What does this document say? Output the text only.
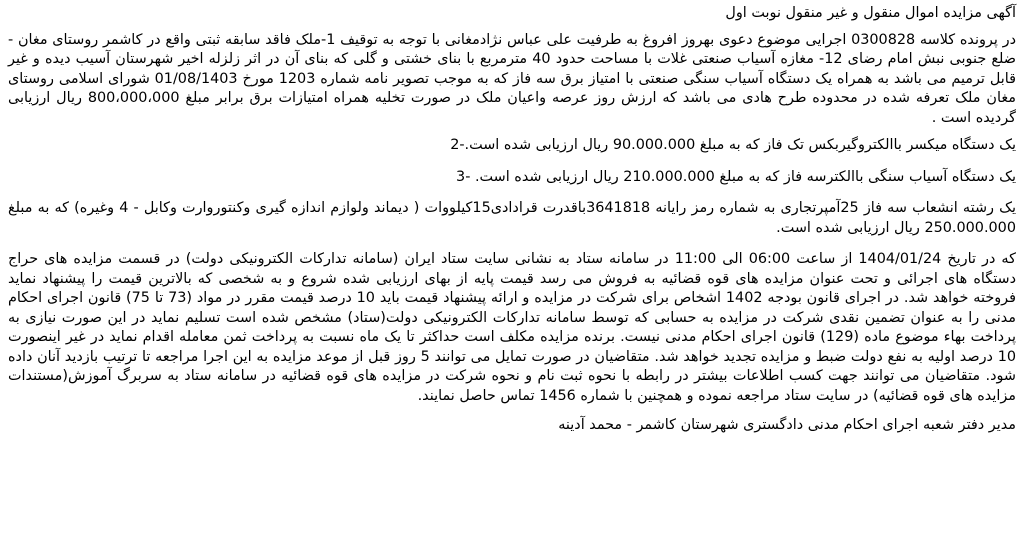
آگهی مزایده اموال منقول و غیر منقول نوبت اول

در پرونده کلاسه 0300828 اجرایی موضوع دعوی بهروز افروغ به طرفیت علی عباس نژادمغانی با توجه به توقیف 1-ملک فاقد سابقه ثبتی واقع در کاشمر روستای مغان - ضلع جنوبی نبش امام رضای 12- مغازه آسیاب صنعتی غلات با مساحت حدود 40 مترمربع با بنای خشتی و گلی که بنای آن در اثر زلزله اخیر شهرستان آسیب دیده و غیر قابل ترمیم می باشد به همراه یک دستگاه آسیاب سنگی صنعتی با امتیاز برق سه فاز که به موجب تصویر نامه شماره 1203 مورخ 01/08/1403 شورای اسلامی روستای مغان ملک تعرفه شده در محدوده طرح هادی می باشد که ارزش روز عرصه واعیان ملک در صورت تخلیه همراه امتیازات برق برابر مبلغ 800،000،000 ریال ارزیابی گردیده است .

یک دستگاه میکسر باالکتروگیربکس تک فاز که به مبلغ 90.000.000 ریال ارزیابی شده است.-2

یک دستگاه آسیاب سنگی باالکترسه فاز که به مبلغ 210.000.000 ریال ارزیابی شده است. -3

یک رشته انشعاب سه فاز 25آمپرتجاری به شماره رمز رایانه 3641818باقدرت قرادادی15کیلووات ( دیماند ولوازم اندازه گیری وکنتوروارت وکابل - 4 وغیره) که به مبلغ 250.000.000 ریال ارزیابی شده است.

که در تاریخ 1404/01/24 از ساعت 06:00 الی 11:00 در سامانه ستاد به نشانی سایت ستاد ایران (سامانه تدارکات الکترونیکی دولت) در قسمت مزایده های حراج دستگاه های اجرائی و تحت عنوان مزایده های قوه قضائیه به فروش می رسد قیمت پایه از بهای ارزیابی شده شروع و به شخصی که بالاترین قیمت را پیشنهاد نماید فروخته خواهد شد. در اجرای قانون بودجه 1402 اشخاص برای شرکت در مزایده و ارائه پیشنهاد قیمت باید 10 درصد قیمت مقرر در مواد (73 تا 75) قانون اجرای احکام مدنی را به عنوان تضمین نقدی شرکت در مزایده به حسابی که توسط سامانه تدارکات الکترونیکی دولت(ستاد) مشخص شده است تسلیم نماید در این صورت نیازی به پرداخت بهاء موضوع ماده (129) قانون اجرای احکام مدنی نیست. برنده مزایده مکلف است حداکثر تا یک ماه نسبت به پرداخت ثمن معامله اقدام نماید در غیر اینصورت 10 درصد اولیه به نفع دولت ضبط و مزایده تجدید خواهد شد. متقاضیان در صورت تمایل می توانند 5 روز قبل از موعد مزایده به این اجرا مراجعه تا ترتیب بازدید آنان داده شود. متقاضیان می توانند جهت کسب اطلاعات بیشتر در رابطه با نحوه ثبت نام و نحوه شرکت در مزایده های قوه قضائیه در سامانه ستاد به سربرگ آموزش(مستندات مزایده های قوه قضائیه) در سایت ستاد مراجعه نموده و همچنین با شماره 1456 تماس حاصل نمایند.

مدیر دفتر شعبه اجرای احکام مدنی دادگستری شهرستان کاشمر - محمد آدینه
